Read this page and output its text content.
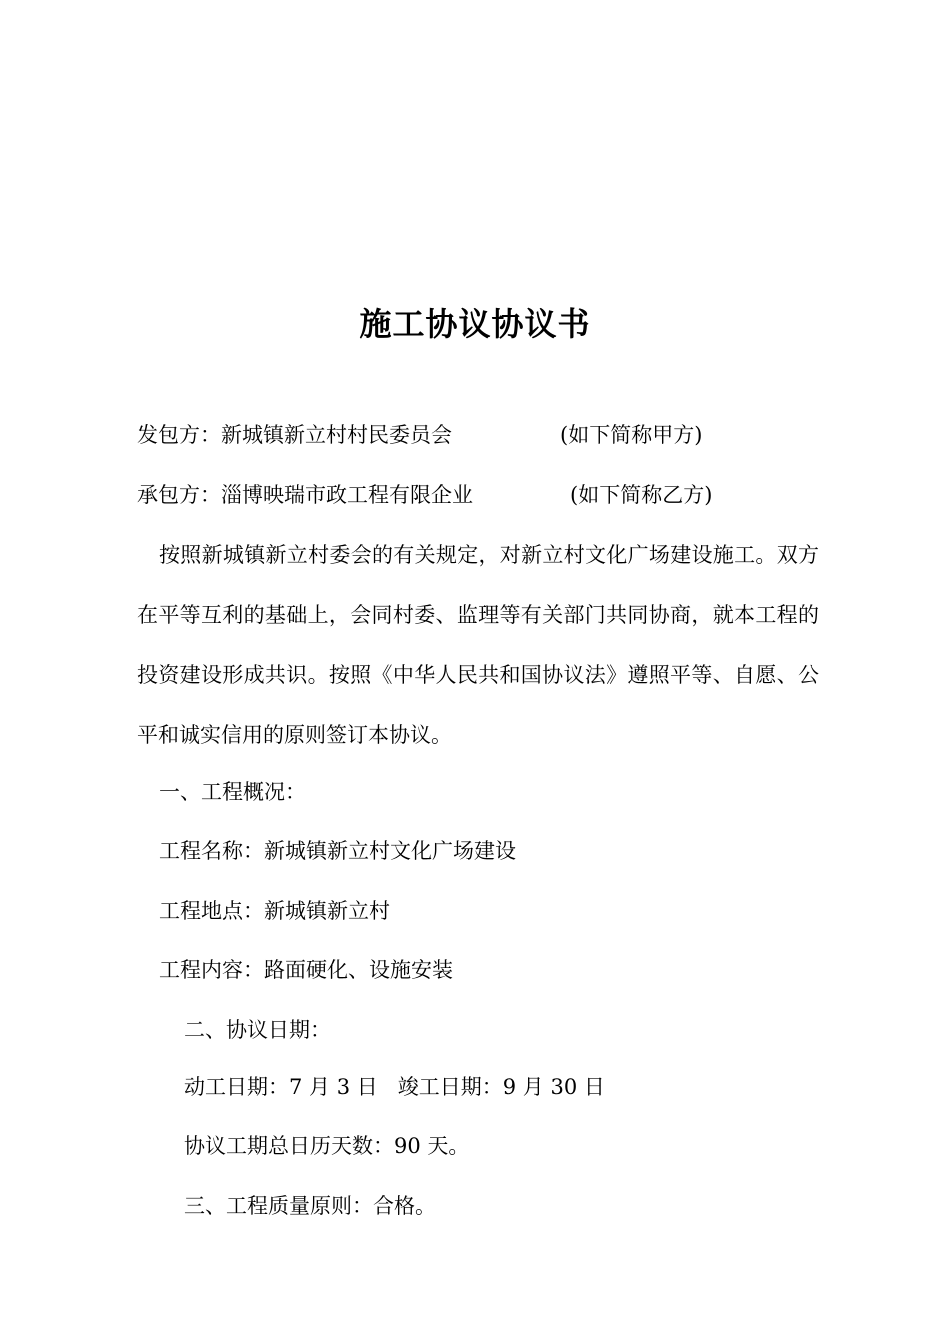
施工协议协议书
发包方：新城镇新立村村民委员会	(如下简称甲方)
承包方：淄博映瑞市政工程有限企业	(如下简称乙方)
按照新城镇新立村委会的有关规定，对新立村文化广场建设施工。双方在平等互利的基础上，会同村委、监理等有关部门共同协商，就本工程的投资建设形成共识。按照《中华人民共和国协议法》遵照平等、自愿、公平和诚实信用的原则签订本协议。
一、工程概况：
工程名称：新城镇新立村文化广场建设
工程地点：新城镇新立村
工程内容：路面硬化、设施安装
二、协议日期：
动工日期：7 月 3 日   竣工日期：9 月 30 日
协议工期总日历天数：90 天。
三、工程质量原则：合格。
